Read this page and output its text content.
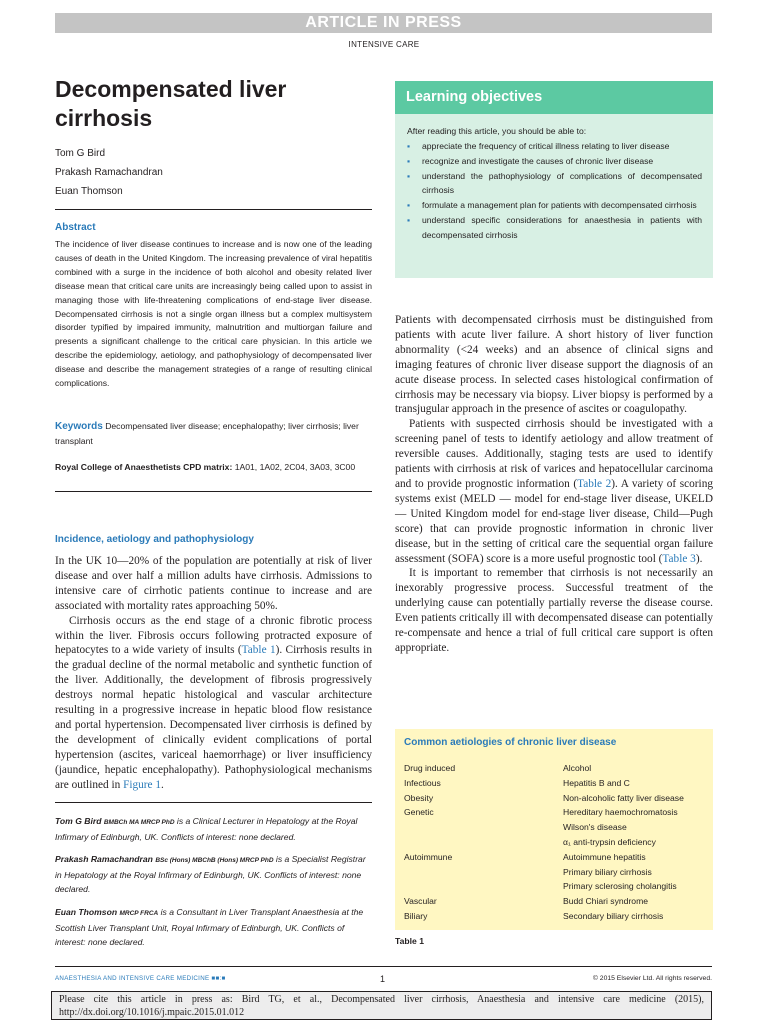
ARTICLE IN PRESS
INTENSIVE CARE
Decompensated liver
cirrhosis
Tom G Bird
Prakash Ramachandran
Euan Thomson
Abstract
The incidence of liver disease continues to increase and is now one of the leading causes of death in the United Kingdom. The increasing prevalence of viral hepatitis combined with a surge in the incidence of both alcohol and obesity related liver disease mean that critical care units are increasingly being called upon to assist in managing those with life-threatening complications of end-stage liver disease. Decompensated cirrhosis is not a single organ illness but a complex multisystem disorder typified by impaired immunity, malnutrition and multiorgan failure and presents a significant challenge to the critical care physician. In this article we describe the epidemiology, aetiology, and pathophysiology of decompensated liver disease and describe the management strategies of a range of resulting clinical complications.
Keywords Decompensated liver disease; encephalopathy; liver cirrhosis; liver transplant
Royal College of Anaesthetists CPD matrix: 1A01, 1A02, 2C04, 3A03, 3C00
Incidence, aetiology and pathophysiology

In the UK 10—20% of the population are potentially at risk of liver disease and over half a million adults have cirrhosis. Admissions to intensive care of cirrhotic patients continue to increase and are associated with mortality rates approaching 50%.

Cirrhosis occurs as the end stage of a chronic fibrotic process within the liver. Fibrosis occurs following protracted exposure of hepatocytes to a wide variety of insults (Table 1). Cirrhosis results in the gradual decline of the normal metabolic and synthetic function of the liver. Additionally, the development of fibrosis progressively destroys normal hepatic histological and vascular architecture resulting in a progressive increase in hepatic blood flow resistance and portal hypertension. Decompensated liver cirrhosis is defined by the development of clinically evident complications of portal hypertension (ascites, variceal haemorrhage) or liver insufficiency (jaundice, hepatic encephalopathy). Pathophysiological mechanisms are outlined in Figure 1.

Tom G Bird BMBCh MA MRCP PhD is a Clinical Lecturer in Hepatology at the Royal Infirmary of Edinburgh, UK. Conflicts of interest: none declared.
Prakash Ramachandran BSc (Hons) MBChB (Hons) MRCP PhD is a Specialist Registrar in Hepatology at the Royal Infirmary of Edinburgh, UK. Conflicts of interest: none declared.
Euan Thomson MRCP FRCA is a Consultant in Liver Transplant Anaesthesia at the Scottish Liver Transplant Unit, Royal Infirmary of Edinburgh, UK. Conflicts of interest: none declared.
Learning objectives
After reading this article, you should be able to:
▪ appreciate the frequency of critical illness relating to liver disease
▪ recognize and investigate the causes of chronic liver disease
▪ understand the pathophysiology of complications of decompensated cirrhosis
▪ formulate a management plan for patients with decompensated cirrhosis
▪ understand specific considerations for anaesthesia in patients with decompensated cirrhosis

Patients with decompensated cirrhosis must be distinguished from patients with acute liver failure. A short history of liver function abnormality (<24 weeks) and an absence of clinical signs and imaging features of chronic liver disease support the diagnosis of an acute disease process. In selected cases histological confirmation of cirrhosis may be necessary via biopsy. Liver biopsy is performed by a transjugular approach in the presence of ascites or coagulopathy.

Patients with suspected cirrhosis should be investigated with a screening panel of tests to identify aetiology and allow treatment of reversible causes. Additionally, staging tests are used to identify patients with cirrhosis at risk of varices and hepatocellular carcinoma and to provide prognostic information (Table 2). A variety of scoring systems exist (MELD — model for end-stage liver disease, UKELD — United Kingdom model for end-stage liver disease, Child—Pugh score) that can provide prognostic information in chronic liver disease, but in the setting of critical care the sequential organ failure assessment (SOFA) score is a more useful prognostic tool (Table 3).

It is important to remember that cirrhosis is not necessarily an inexorably progressive process. Successful treatment of the underlying cause can potentially partially reverse the disease course. Even patients critically ill with decompensated disease can potentially re-compensate and hence a trial of full critical care support is often appropriate.

Common aetiologies of chronic liver disease
Drug induced	Alcohol
Infectious	Hepatitis B and C
Obesity	Non-alcoholic fatty liver disease
Genetic	Hereditary haemochromatosis
Wilson's disease
α₁ anti-trypsin deficiency
Autoimmune	Autoimmune hepatitis
Primary biliary cirrhosis
Primary sclerosing cholangitis
Vascular	Budd Chiari syndrome
Biliary	Secondary biliary cirrhosis
Table 1
ANAESTHESIA AND INTENSIVE CARE MEDICINE ■■:■	1	© 2015 Elsevier Ltd. All rights reserved.
Please cite this article in press as: Bird TG, et al., Decompensated liver cirrhosis, Anaesthesia and intensive care medicine (2015), http://dx.doi.org/10.1016/j.mpaic.2015.01.012
